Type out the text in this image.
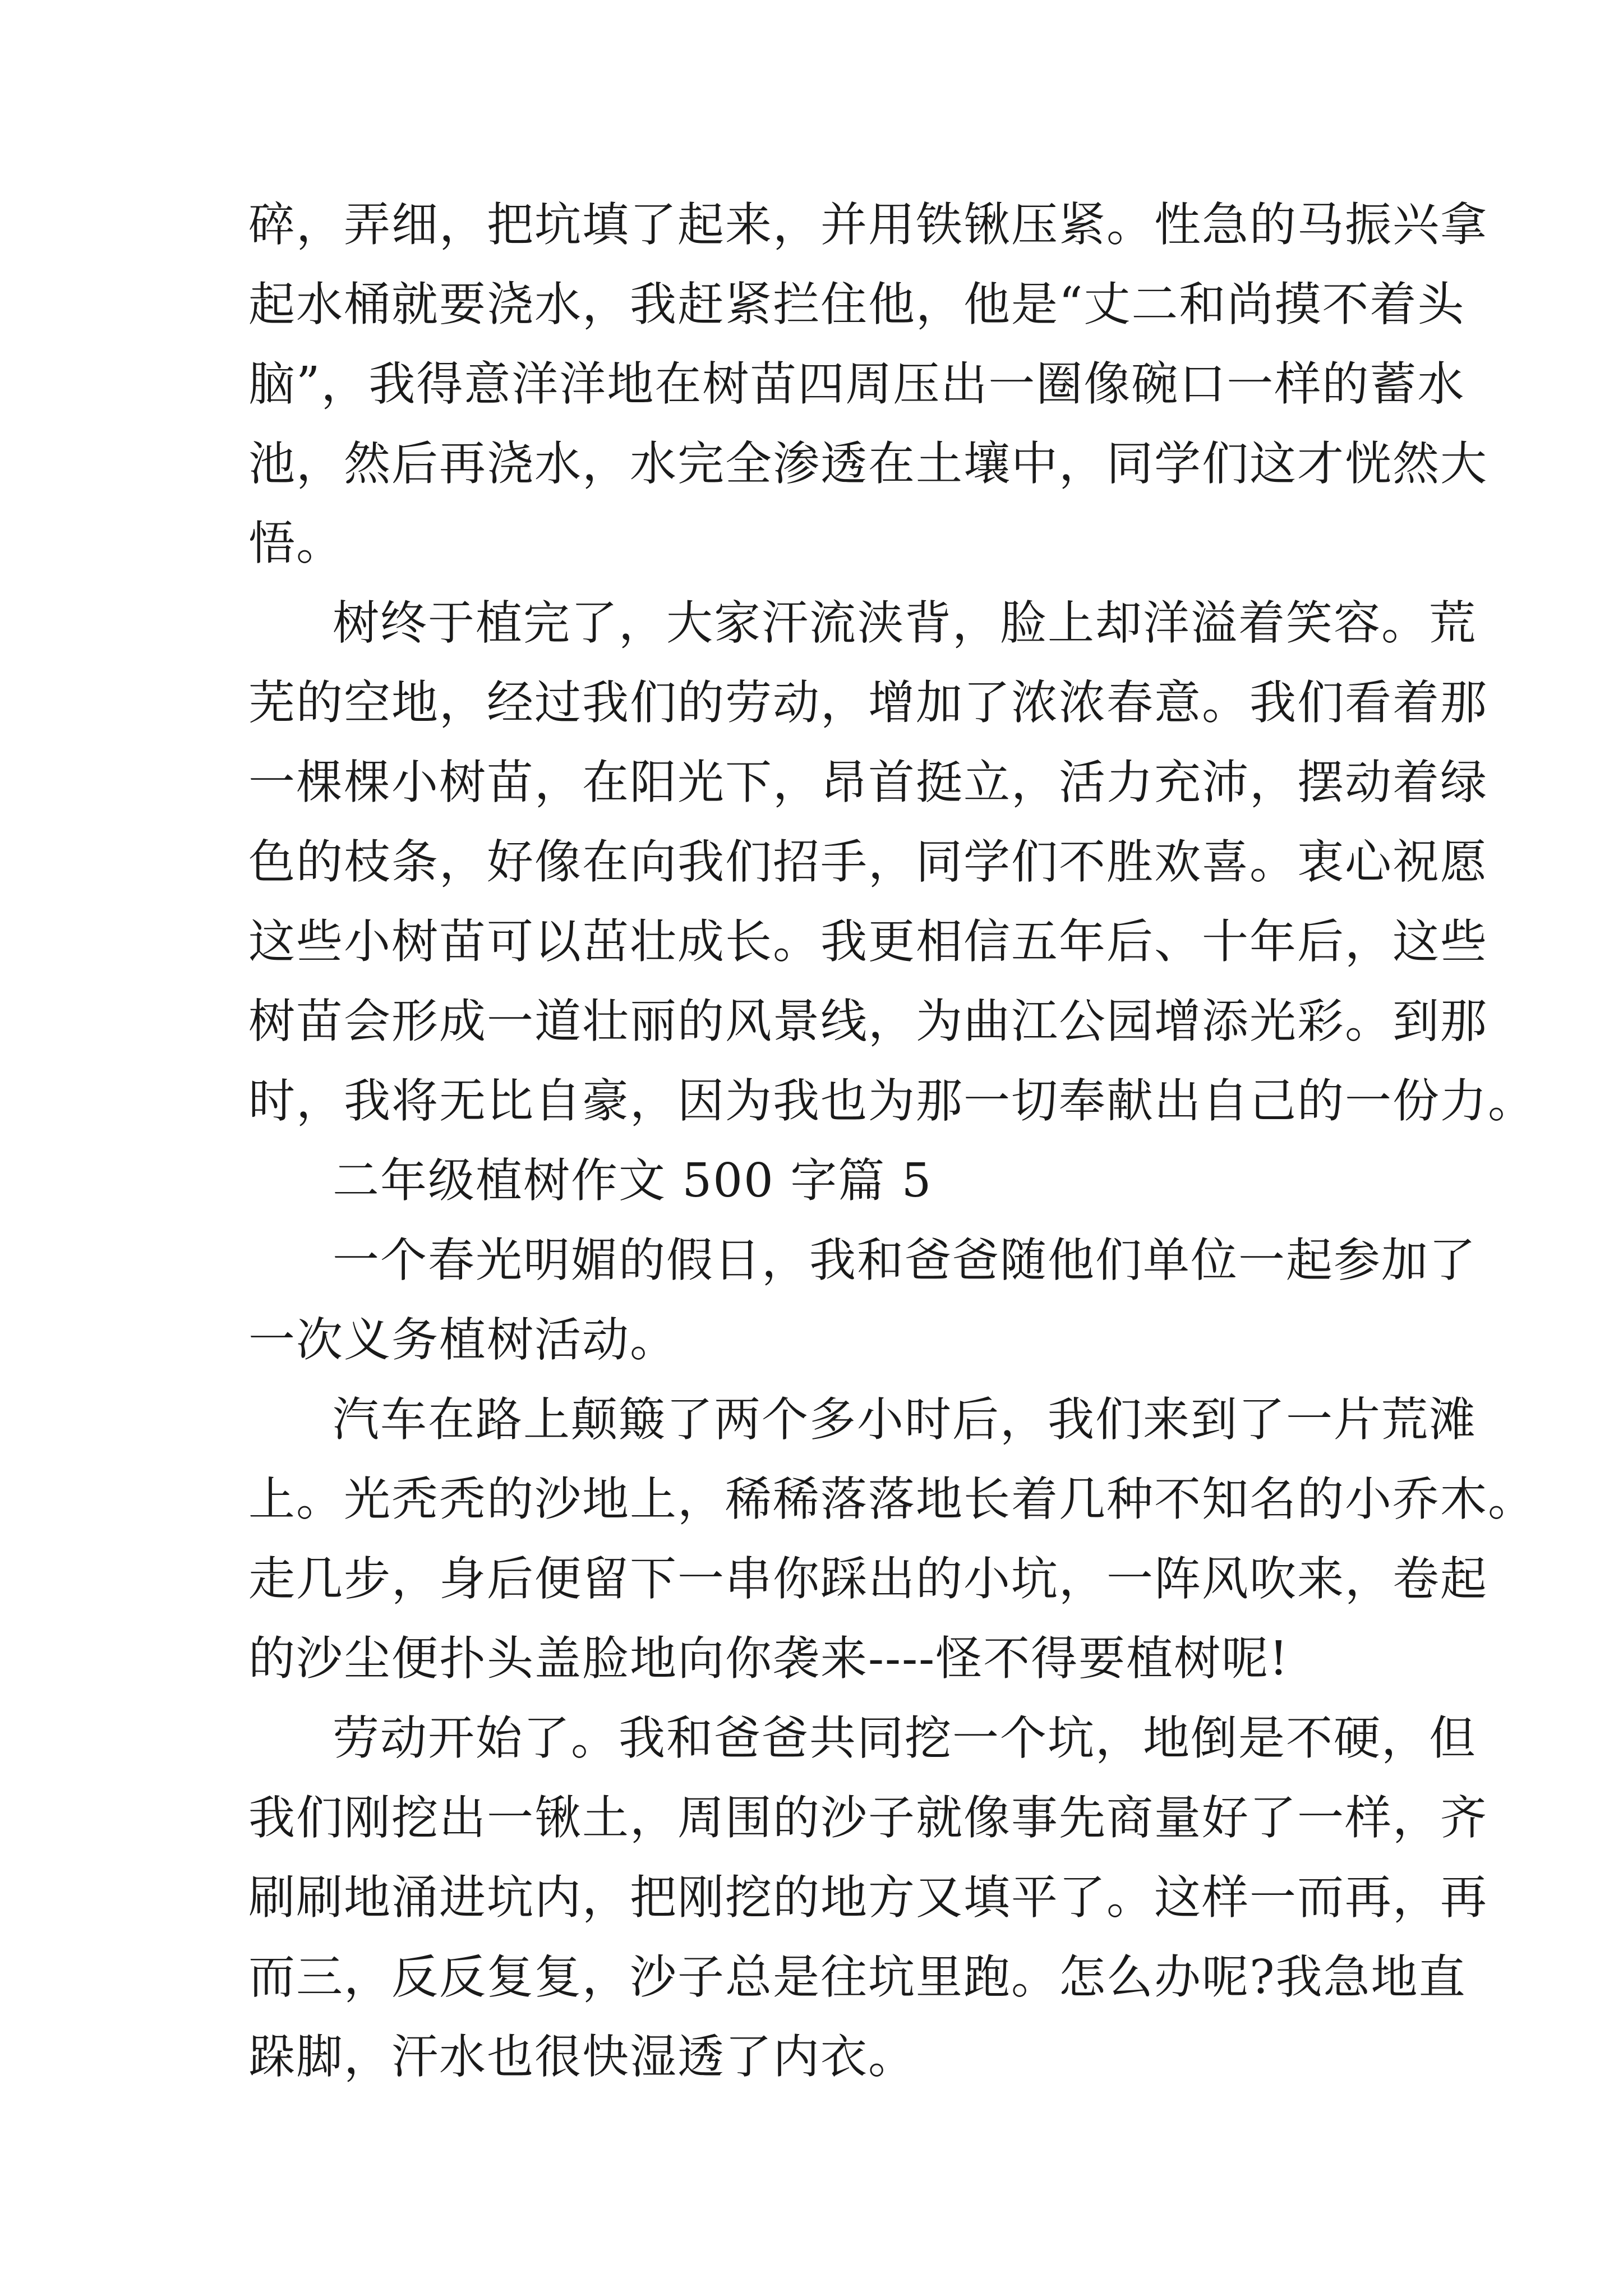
碎，弄细，把坑填了起来，并用铁锹压紧。性急的马振兴拿
起水桶就要浇水，我赶紧拦住他，他是“丈二和尚摸不着头
脑”，我得意洋洋地在树苗四周压出一圈像碗口一样的蓄水
池，然后再浇水，水完全渗透在土壤中，同学们这才恍然大
悟。
树终于植完了，大家汗流浃背，脸上却洋溢着笑容。荒
芜的空地，经过我们的劳动，增加了浓浓春意。我们看着那
一棵棵小树苗，在阳光下，昂首挺立，活力充沛，摆动着绿
色的枝条，好像在向我们招手，同学们不胜欢喜。衷心祝愿
这些小树苗可以茁壮成长。我更相信五年后、十年后，这些
树苗会形成一道壮丽的风景线，为曲江公园增添光彩。到那
时，我将无比自豪，因为我也为那一切奉献出自己的一份力。
二年级植树作文 500 字篇 5
一个春光明媚的假日，我和爸爸随他们单位一起参加了
一次义务植树活动。
汽车在路上颠簸了两个多小时后，我们来到了一片荒滩
上。光秃秃的沙地上，稀稀落落地长着几种不知名的小乔木。
走几步，身后便留下一串你踩出的小坑，一阵风吹来，卷起
的沙尘便扑头盖脸地向你袭来----怪不得要植树呢!
劳动开始了。我和爸爸共同挖一个坑，地倒是不硬，但
我们刚挖出一锹土，周围的沙子就像事先商量好了一样，齐
刷刷地涌进坑内，把刚挖的地方又填平了。这样一而再，再
而三，反反复复，沙子总是往坑里跑。怎么办呢?我急地直
跺脚，汗水也很快湿透了内衣。
